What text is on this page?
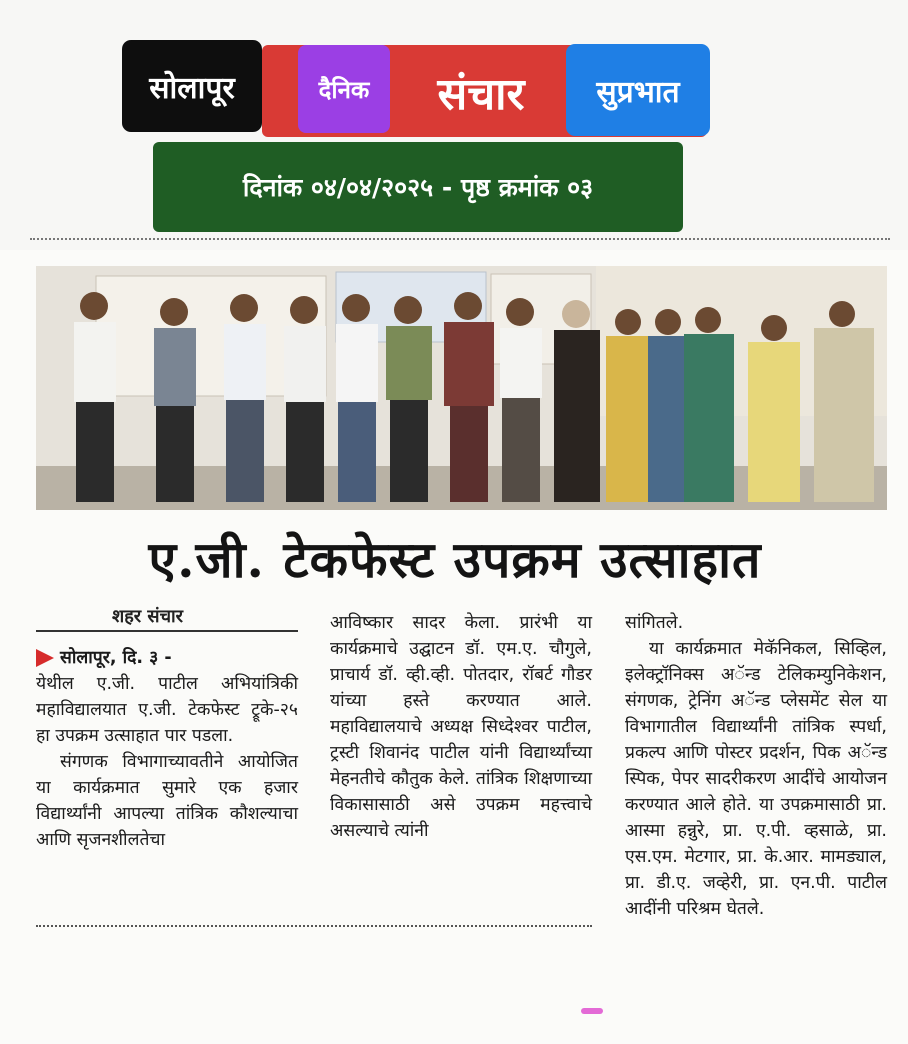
सोलापूर	दैनिक	संचार	सुप्रभात
दिनांक ०४/०४/२०२५ - पृष्ठ क्रमांक ०३
ए.जी. टेकफेस्ट उपक्रम उत्साहात
शहर संचार

सोलापूर, दि. ३ -

येथील ए.जी. पाटील अभियांत्रिकी महाविद्यालयात ए.जी. टेकफेस्ट ट्रूके-२५ हा उपक्रम उत्साहात पार पडला.

संगणक विभागाच्यावतीने आयोजित या कार्यक्रमात सुमारे एक हजार विद्यार्थ्यांनी आपल्या तांत्रिक कौशल्याचा आणि सृजनशीलतेचा

आविष्कार सादर केला. प्रारंभी या कार्यक्रमाचे उद्घाटन डॉ. एम.ए. चौगुले, प्राचार्य डॉ. व्ही.व्ही. पोतदार, रॉबर्ट गौडर यांच्या हस्ते करण्यात आले. महाविद्यालयाचे अध्यक्ष सिध्देश्वर पाटील, ट्रस्टी शिवानंद पाटील यांनी विद्यार्थ्यांच्या मेहनतीचे कौतुक केले. तांत्रिक शिक्षणाच्या विकासासाठी असे उपक्रम महत्त्वाचे असल्याचे त्यांनी

सांगितले.

या कार्यक्रमात मेकॅनिकल, सिव्हिल, इलेक्ट्रॉनिक्स अॅन्ड टेलिकम्युनिकेशन, संगणक, ट्रेनिंग अॅन्ड प्लेसमेंट सेल या विभागातील विद्यार्थ्यांनी तांत्रिक स्पर्धा, प्रकल्प आणि पोस्टर प्रदर्शन, पिक अॅन्ड स्पिक, पेपर सादरीकरण आदींचे आयोजन करण्यात आले होते. या उपक्रमासाठी प्रा. आस्मा हन्नुरे, प्रा. ए.पी. व्हसाळे, प्रा. एस.एम. मेटगार, प्रा. के.आर. मामड्याल, प्रा. डी.ए. जव्हेरी, प्रा. एन.पी. पाटील आदींनी परिश्रम घेतले.
